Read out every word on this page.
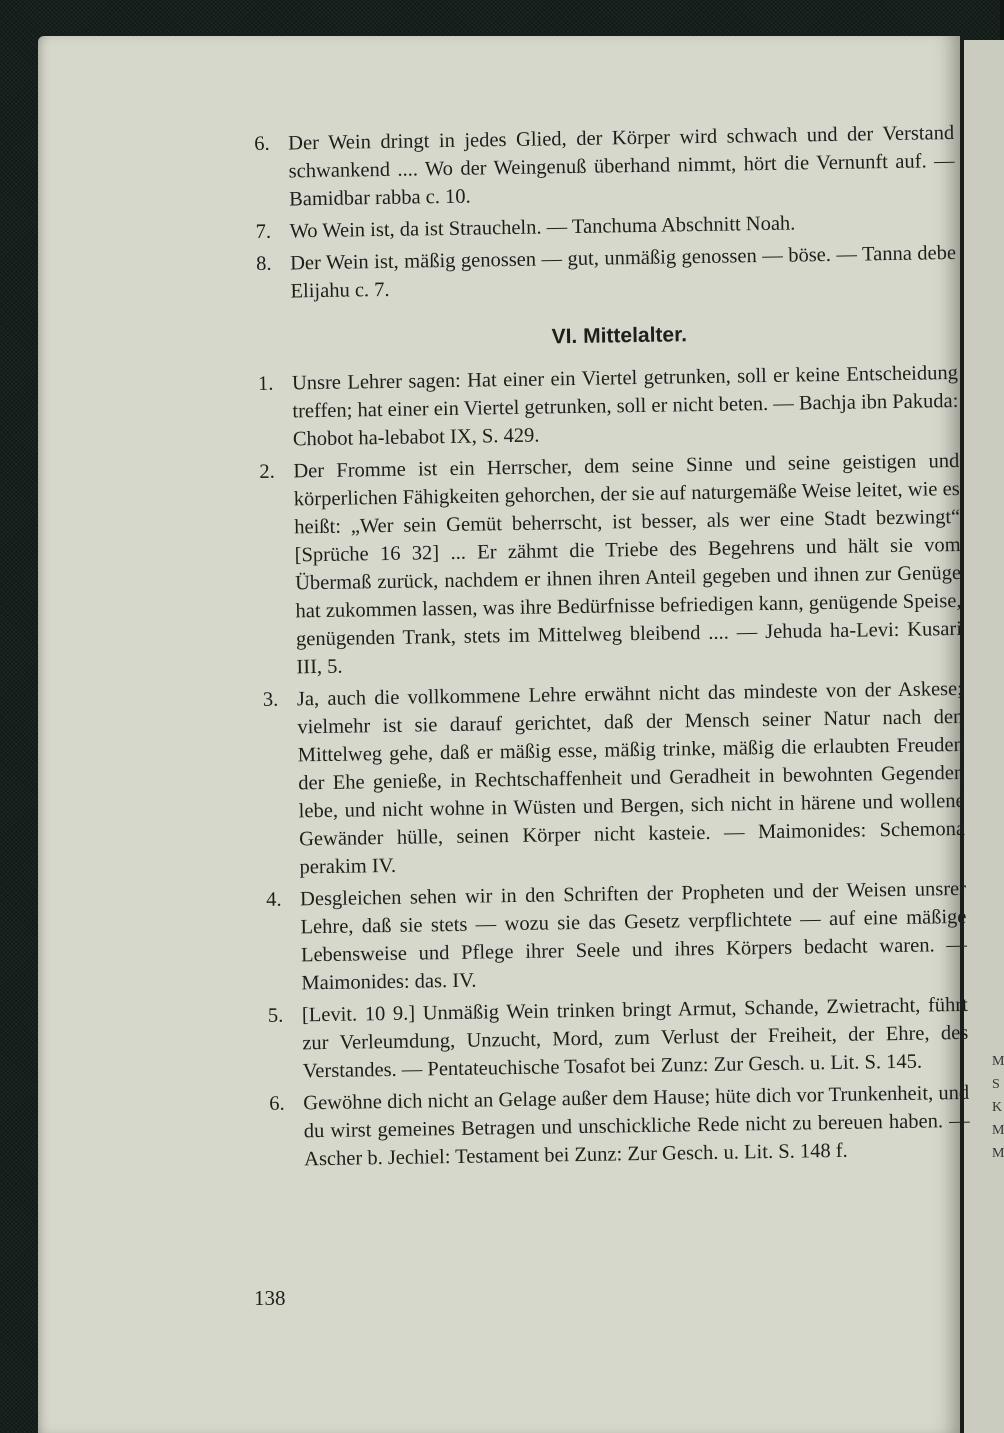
M
S
K
M
M
6. Der Wein dringt in jedes Glied, der Körper wird schwach und der Verstand schwankend .... Wo der Weingenuß überhand nimmt, hört die Vernunft auf. — Bamidbar rabba c. 10.
7. Wo Wein ist, da ist Straucheln. — Tanchuma Abschnitt Noah.
8. Der Wein ist, mäßig genossen — gut, unmäßig genossen — böse. — Tanna debe Elijahu c. 7.
VI. Mittelalter.
1. Unsre Lehrer sagen: Hat einer ein Viertel getrunken, soll er keine Entscheidung treffen; hat einer ein Viertel getrunken, soll er nicht beten. — Bachja ibn Pakuda: Chobot ha-lebabot IX, S. 429.
2. Der Fromme ist ein Herrscher, dem seine Sinne und seine geistigen und körperlichen Fähigkeiten gehorchen, der sie auf naturgemäße Weise leitet, wie es heißt: „Wer sein Gemüt beherrscht, ist besser, als wer eine Stadt bezwingt“ [Sprüche 16 32] ... Er zähmt die Triebe des Begehrens und hält sie vom Übermaß zurück, nachdem er ihnen ihren Anteil gegeben und ihnen zur Genüge hat zukommen lassen, was ihre Bedürfnisse befriedigen kann, genügende Speise, genügenden Trank, stets im Mittelweg bleibend .... — Jehuda ha-Levi: Kusari III, 5.
3. Ja, auch die vollkommene Lehre erwähnt nicht das mindeste von der Askese; vielmehr ist sie darauf gerichtet, daß der Mensch seiner Natur nach den Mittelweg gehe, daß er mäßig esse, mäßig trinke, mäßig die erlaubten Freuden der Ehe genieße, in Rechtschaffenheit und Geradheit in bewohnten Gegenden lebe, und nicht wohne in Wüsten und Bergen, sich nicht in härene und wollene Gewänder hülle, seinen Körper nicht kasteie. — Maimonides: Schemona perakim IV.
4. Desgleichen sehen wir in den Schriften der Propheten und der Weisen unsrer Lehre, daß sie stets — wozu sie das Gesetz verpflichtete — auf eine mäßige Lebensweise und Pflege ihrer Seele und ihres Körpers bedacht waren. — Maimonides: das. IV.
5. [Levit. 10 9.] Unmäßig Wein trinken bringt Armut, Schande, Zwietracht, führt zur Verleumdung, Unzucht, Mord, zum Verlust der Freiheit, der Ehre, des Verstandes. — Pentateuchische Tosafot bei Zunz: Zur Gesch. u. Lit. S. 145.
6. Gewöhne dich nicht an Gelage außer dem Hause; hüte dich vor Trunkenheit, und du wirst gemeines Betragen und unschickliche Rede nicht zu bereuen haben. — Ascher b. Jechiel: Testament bei Zunz: Zur Gesch. u. Lit. S. 148 f.
138
